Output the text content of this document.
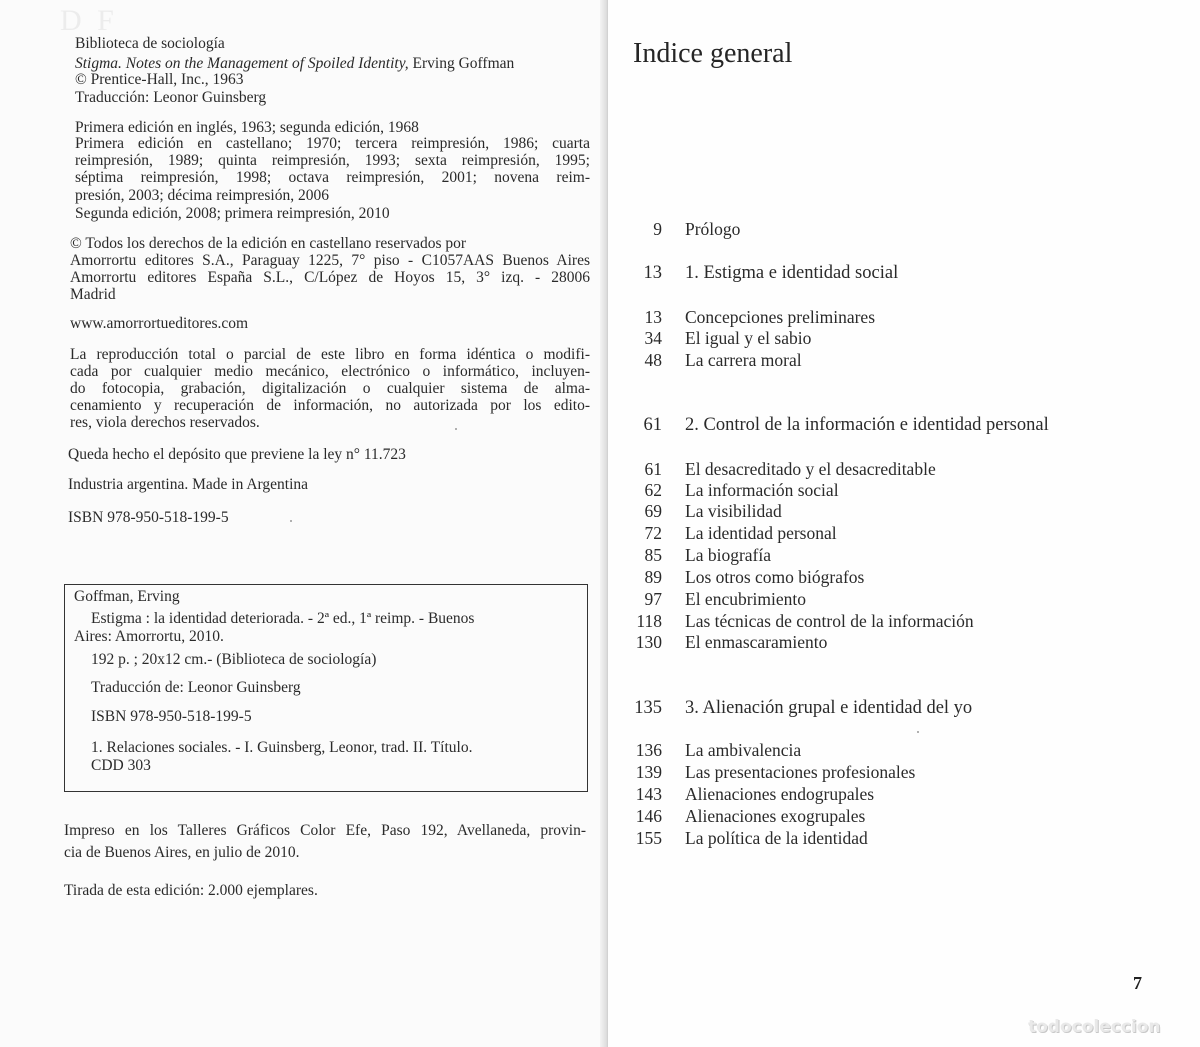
D F
Biblioteca de sociología
Stigma. Notes on the Management of Spoiled Identity, Erving Goffman
© Prentice-Hall, Inc., 1963
Traducción: Leonor Guinsberg
Primera edición en inglés, 1963; segunda edición, 1968
Primera edición en castellano; 1970; tercera reimpresión, 1986; cuarta
reimpresión, 1989; quinta reimpresión, 1993; sexta reimpresión, 1995;
séptima reimpresión, 1998; octava reimpresión, 2001; novena reim-
presión, 2003; décima reimpresión, 2006
Segunda edición, 2008; primera reimpresión, 2010
© Todos los derechos de la edición en castellano reservados por
Amorrortu editores S.A., Paraguay 1225, 7° piso - C1057AAS Buenos Aires
Amorrortu editores España S.L., C/López de Hoyos 15, 3° izq. - 28006
Madrid
www.amorrortueditores.com
La reproducción total o parcial de este libro en forma idéntica o modifi-
cada por cualquier medio mecánico, electrónico o informático, incluyen-
do fotocopia, grabación, digitalización o cualquier sistema de alma-
cenamiento y recuperación de información, no autorizada por los edito-
res, viola derechos reservados.
Queda hecho el depósito que previene la ley n° 11.723
Industria argentina. Made in Argentina
ISBN 978-950-518-199-5
Goffman, Erving
Estigma : la identidad deteriorada. - 2ª ed., 1ª reimp. - Buenos
Aires: Amorrortu, 2010.
192 p. ; 20x12 cm.- (Biblioteca de sociología)
Traducción de: Leonor Guinsberg
ISBN 978-950-518-199-5
1. Relaciones sociales. - I. Guinsberg, Leonor, trad. II. Título.
CDD 303
Impreso en los Talleres Gráficos Color Efe, Paso 192, Avellaneda, provin-
cia de Buenos Aires, en julio de 2010.
Tirada de esta edición: 2.000 ejemplares.
Indice general
9 Prólogo
13 1. Estigma e identidad social
13 Concepciones preliminares
34 El igual y el sabio
48 La carrera moral
61 2. Control de la información e identidad personal
61 El desacreditado y el desacreditable
62 La información social
69 La visibilidad
72 La identidad personal
85 La biografía
89 Los otros como biógrafos
97 El encubrimiento
118 Las técnicas de control de la información
130 El enmascaramiento
135 3. Alienación grupal e identidad del yo
136 La ambivalencia
139 Las presentaciones profesionales
143 Alienaciones endogrupales
146 Alienaciones exogrupales
155 La política de la identidad
7
todocoleccion
